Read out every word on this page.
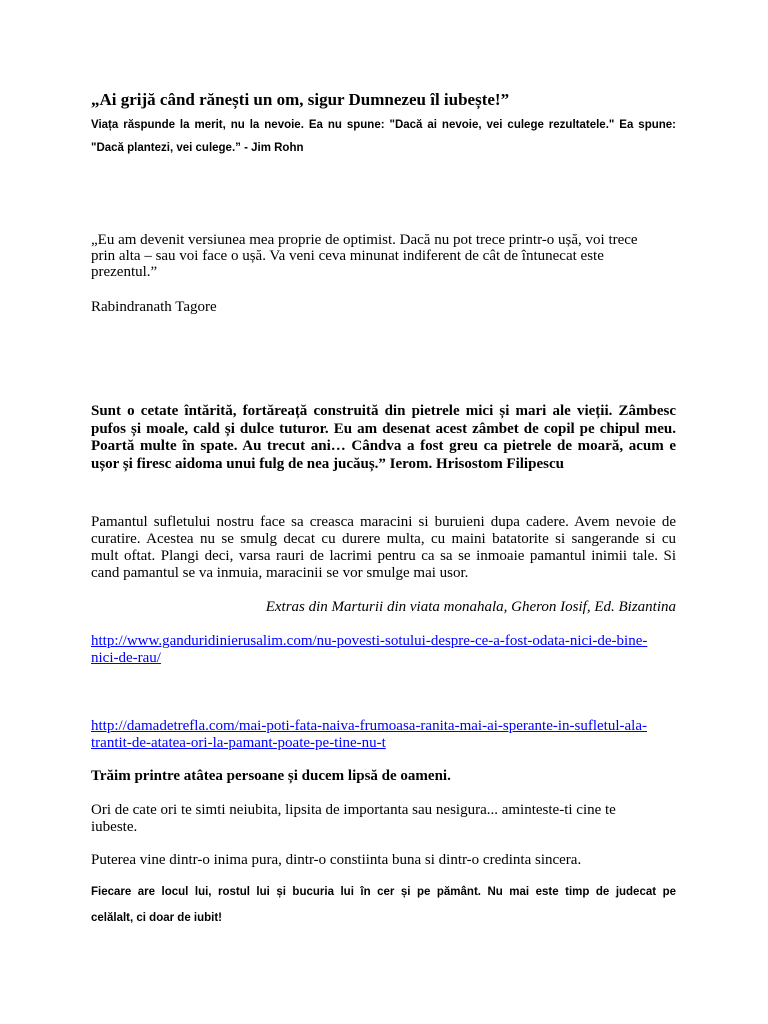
„Ai grijă când rănești un om, sigur Dumnezeu îl iubește!”
Viața răspunde la merit, nu la nevoie. Ea nu spune: "Dacă ai nevoie, vei culege rezultatele." Ea spune:
"Dacă plantezi, vei culege.” - Jim Rohn
„Eu am devenit versiunea mea proprie de optimist. Dacă nu pot trece printr-o ușă, voi trece
prin alta – sau voi face o ușă. Va veni ceva minunat indiferent de cât de întunecat este
prezentul.”
Rabindranath Tagore
Sunt o cetate întărită, fortăreață construită din pietrele mici și mari ale vieții. Zâmbesc
pufos și moale, cald și dulce tuturor. Eu am desenat acest zâmbet de copil pe chipul meu.
Poartă multe în spate. Au trecut ani… Cândva a fost greu ca pietrele de moară, acum e
ușor și firesc aidoma unui fulg de nea jucăuș.” Ierom. Hrisostom Filipescu
Pamantul sufletului nostru face sa creasca maracini si buruieni dupa cadere. Avem nevoie de
curatire. Acestea nu se smulg decat cu durere multa, cu maini batatorite si sangerande si cu
mult oftat. Plangi deci, varsa rauri de lacrimi pentru ca sa se inmoaie pamantul inimii tale. Si
cand pamantul se va inmuia, maracinii se vor smulge mai usor.
Extras din Marturii din viata monahala, Gheron Iosif, Ed. Bizantina
http://www.ganduridinierusalim.com/nu-povesti-sotului-despre-ce-a-fost-odata-nici-de-bine-
nici-de-rau/
http://damadetrefla.com/mai-poti-fata-naiva-frumoasa-ranita-mai-ai-sperante-in-sufletul-ala-
trantit-de-atatea-ori-la-pamant-poate-pe-tine-nu-t
Trăim printre atâtea persoane și ducem lipsă de oameni.
Ori de cate ori te simti neiubita, lipsita de importanta sau nesigura... aminteste-ti cine te
iubeste.
Puterea vine dintr-o inima pura, dintr-o constiinta buna si dintr-o credinta sincera.
Fiecare are locul lui, rostul lui și bucuria lui în cer și pe pământ. Nu mai este timp de judecat pe
celălalt, ci doar de iubit!
